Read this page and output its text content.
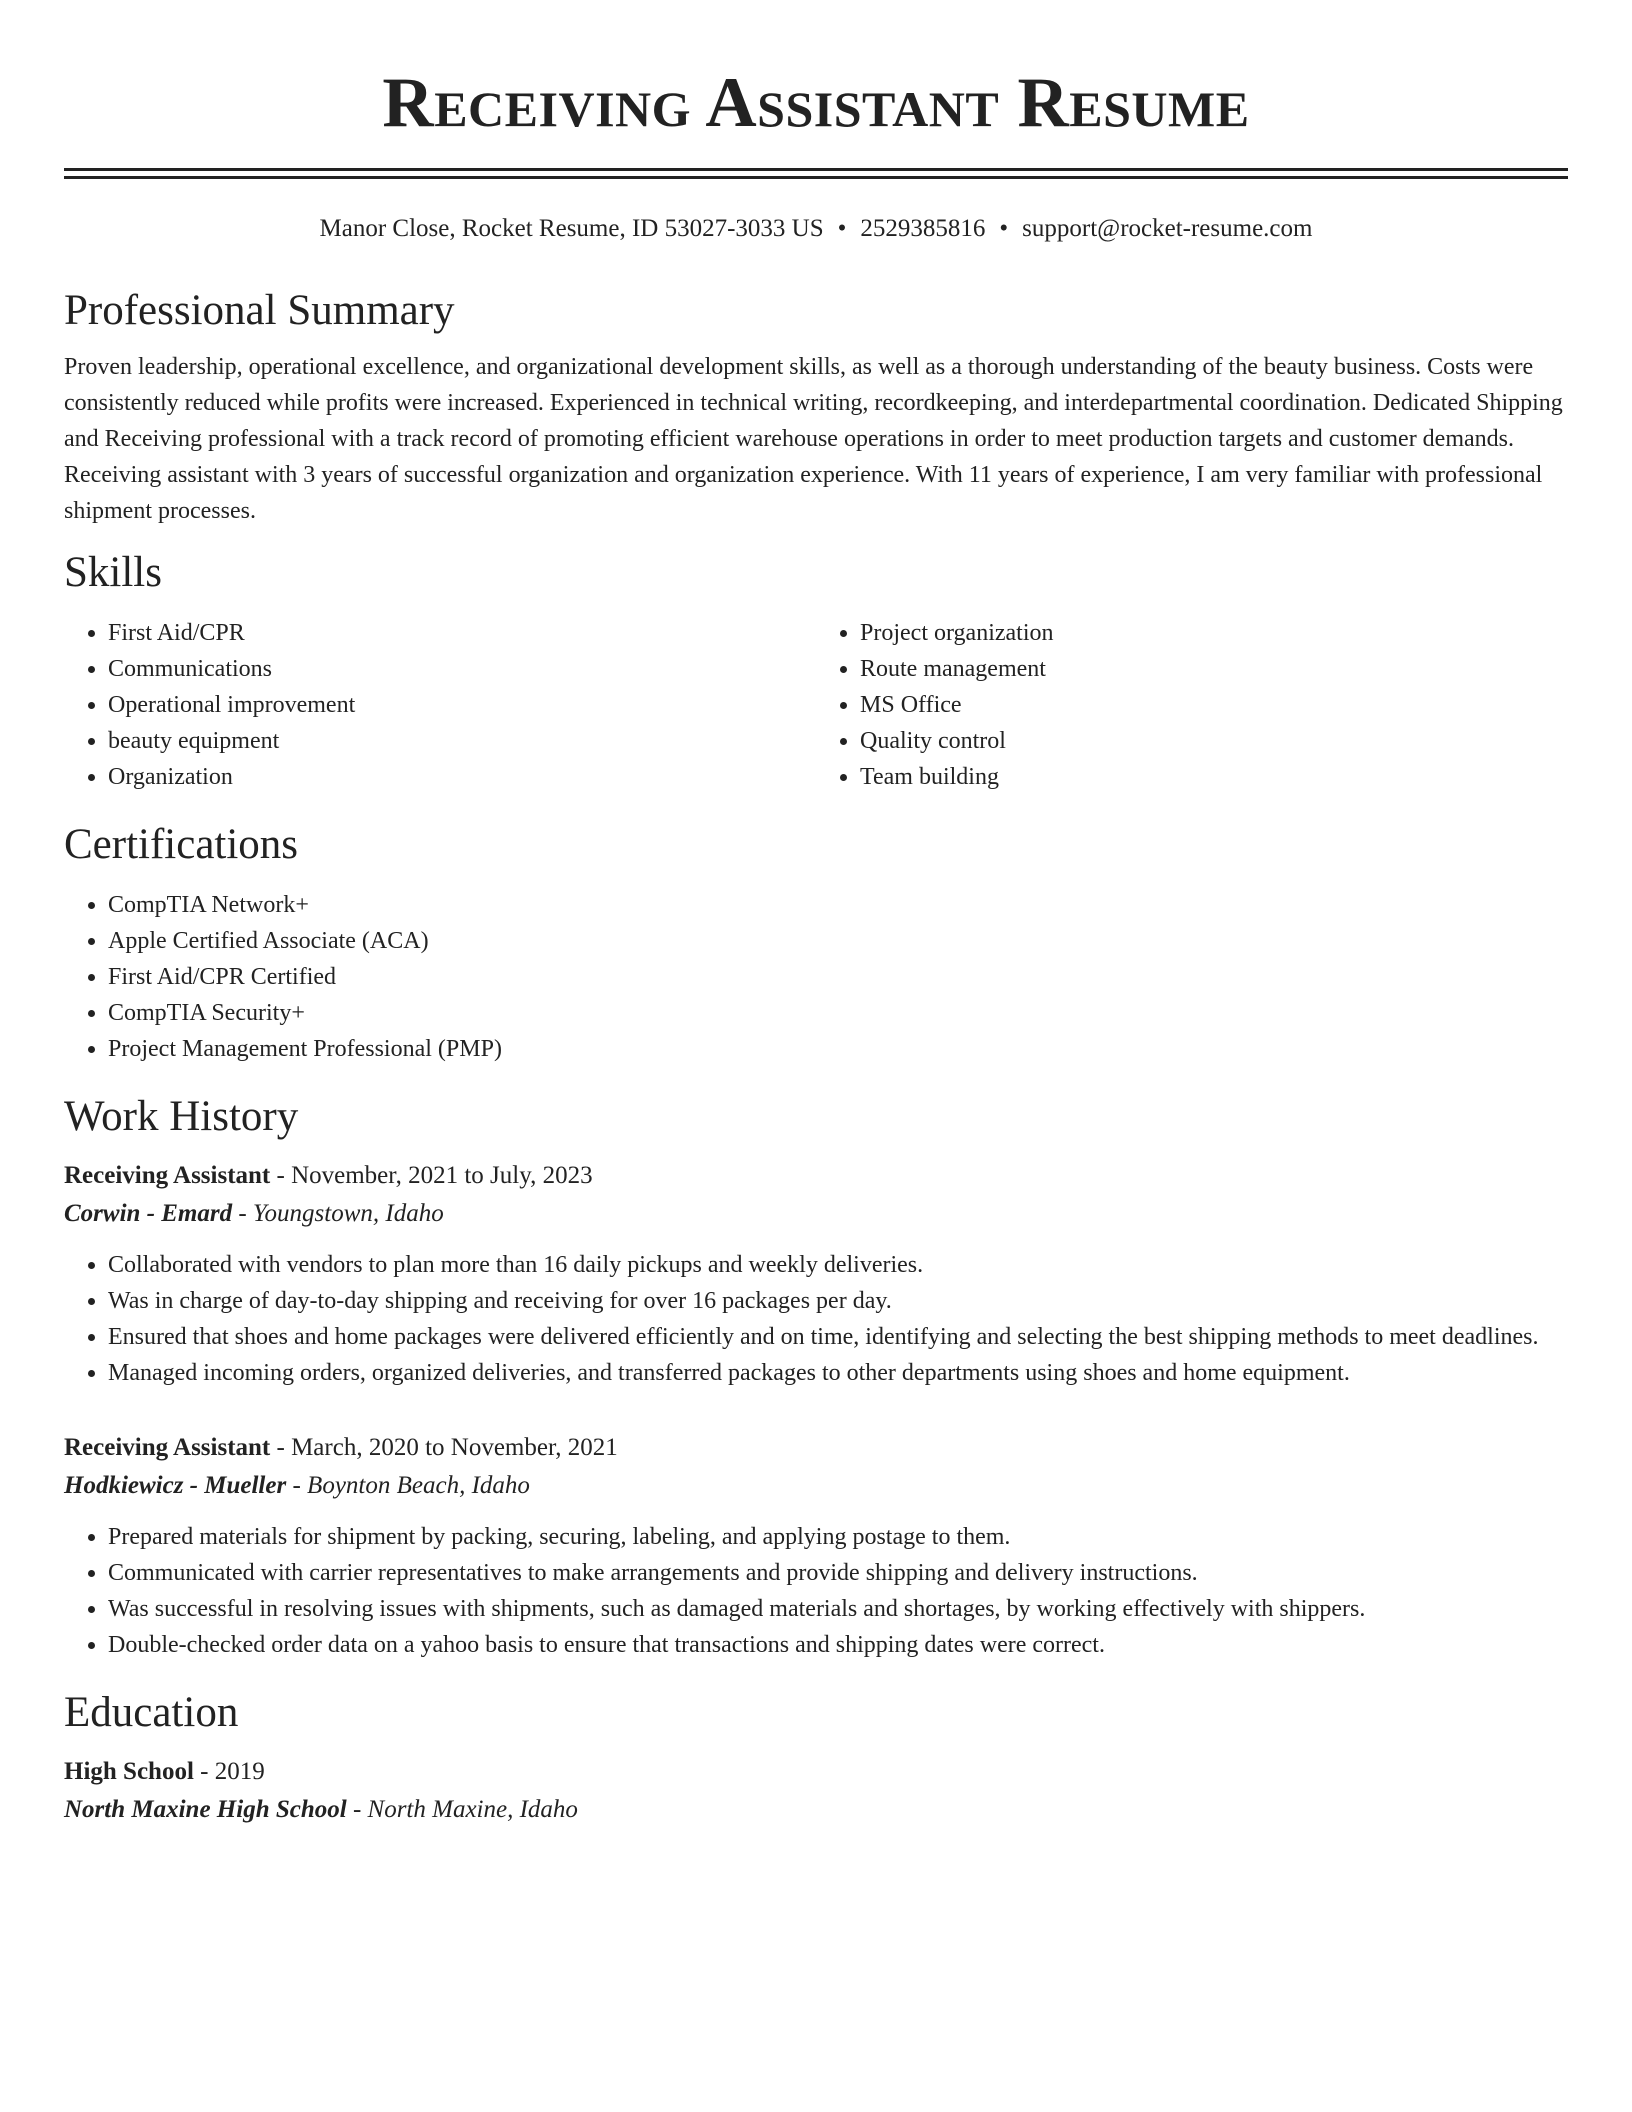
Receiving Assistant Resume
Manor Close, Rocket Resume, ID 53027-3033 US • 2529385816 • support@rocket-resume.com
Professional Summary

Proven leadership, operational excellence, and organizational development skills, as well as a thorough understanding of the beauty business. Costs were consistently reduced while profits were increased. Experienced in technical writing, recordkeeping, and interdepartmental coordination. Dedicated Shipping and Receiving professional with a track record of promoting efficient warehouse operations in order to meet production targets and customer demands. Receiving assistant with 3 years of successful organization and organization experience. With 11 years of experience, I am very familiar with professional shipment processes.

Skills
• First Aid/CPR
• Communications
• Operational improvement
• beauty equipment
• Organization
• Project organization
• Route management
• MS Office
• Quality control
• Team building
Certifications
• CompTIA Network+
• Apple Certified Associate (ACA)
• First Aid/CPR Certified
• CompTIA Security+
• Project Management Professional (PMP)
Work History
Receiving Assistant - November, 2021 to July, 2023
Corwin - Emard - Youngstown, Idaho
• Collaborated with vendors to plan more than 16 daily pickups and weekly deliveries.
• Was in charge of day-to-day shipping and receiving for over 16 packages per day.
• Ensured that shoes and home packages were delivered efficiently and on time, identifying and selecting the best shipping methods to meet deadlines.
• Managed incoming orders, organized deliveries, and transferred packages to other departments using shoes and home equipment.
Receiving Assistant - March, 2020 to November, 2021
Hodkiewicz - Mueller - Boynton Beach, Idaho
• Prepared materials for shipment by packing, securing, labeling, and applying postage to them.
• Communicated with carrier representatives to make arrangements and provide shipping and delivery instructions.
• Was successful in resolving issues with shipments, such as damaged materials and shortages, by working effectively with shippers.
• Double-checked order data on a yahoo basis to ensure that transactions and shipping dates were correct.
Education
High School - 2019
North Maxine High School - North Maxine, Idaho
